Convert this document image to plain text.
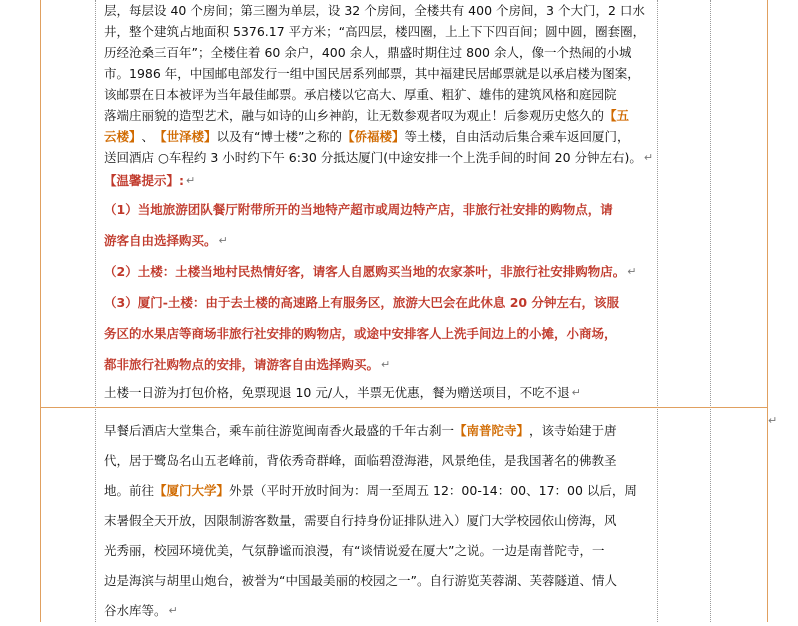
层，每层设 40 个房间；第三圈为单层，设 32 个房间，全楼共有 400 个房间，3 个大门，2 口水
井，整个建筑占地面积 5376.17 平方米；“高四层，楼四圈，上上下下四百间；圆中圆，圈套圈，
历经沧桑三百年”；全楼住着 60 余户，400 余人，鼎盛时期住过 800 余人，像一个热闹的小城
市。1986 年，中国邮电部发行一组中国民居系列邮票，其中福建民居邮票就是以承启楼为图案，
该邮票在日本被评为当年最佳邮票。承启楼以它高大、厚重、粗犷、雄伟的建筑风格和庭园院
落端庄丽貌的造型艺术，融与如诗的山乡神韵，让无数参观者叹为观止！后参观历史悠久的 【五
云楼】 、 【世泽楼】 以及有“博士楼”之称的 【侨福楼】 等土楼，自由活动后集合乘车返回厦门，
送回酒店 ○车程约 3 小时约下午 6:30 分抵达厦门(中途安排一个上洗手间的时间 20 分钟左右)。 ↵
【温馨提示】: ↵
（1）当地旅游团队餐厅附带所开的当地特产超市或周边特产店，非旅行社安排的购物点，请
游客自由选择购买。 ↵
（2）土楼：土楼当地村民热情好客，请客人自愿购买当地的农家茶叶，非旅行社安排购物店。 ↵
（3）厦门-土楼：由于去土楼的高速路上有服务区，旅游大巴会在此休息 20 分钟左右，该服
务区的水果店等商场非旅行社安排的购物店，或途中安排客人上洗手间边上的小摊，小商场，
都非旅行社购物点的安排，请游客自由选择购买。 ↵
土楼一日游为打包价格，免票现退 10 元/人，半票无优惠，餐为赠送项目，不吃不退 ↵
早餐后酒店大堂集合，乘车前往游览闽南香火最盛的千年古刹一 【南普陀寺】 ，该寺始建于唐
代，居于鹭岛名山五老峰前，背依秀奇群峰，面临碧澄海港，风景绝佳，是我国著名的佛教圣
地。前往 【厦门大学】 外景（平时开放时间为：周一至周五 12：00-14：00、17：00 以后，周
末暑假全天开放，因限制游客数量，需要自行持身份证排队进入）厦门大学校园依山傍海，风
光秀丽，校园环境优美，气氛静谧而浪漫，有“谈情说爱在厦大”之说。一边是南普陀寺，一
边是海滨与胡里山炮台，被誉为“中国最美丽的校园之一”。自行游览芙蓉湖、芙蓉隧道、情人
谷水库等。 ↵
↵
